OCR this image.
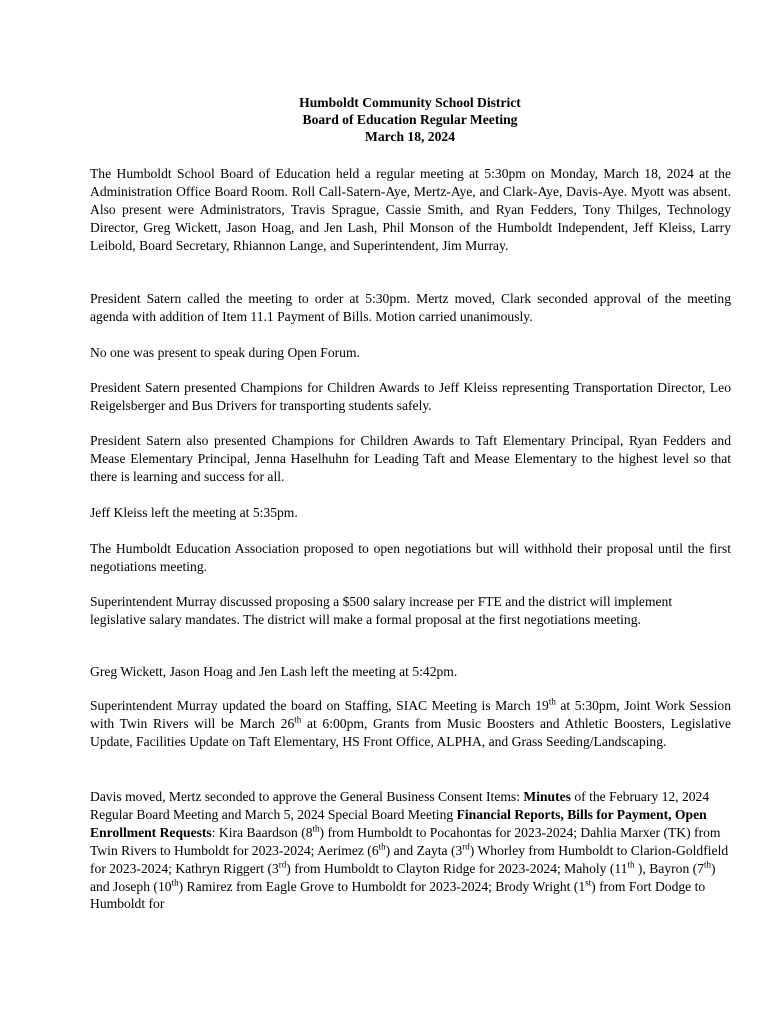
Humboldt Community School District
Board of Education Regular Meeting
March 18, 2024

The Humboldt School Board of Education held a regular meeting at 5:30pm on Monday, March 18, 2024 at the Administration Office Board Room. Roll Call-Satern-Aye, Mertz-Aye, and Clark-Aye, Davis-Aye. Myott was absent. Also present were Administrators, Travis Sprague, Cassie Smith, and Ryan Fedders, Tony Thilges, Technology Director, Greg Wickett, Jason Hoag, and Jen Lash, Phil Monson of the Humboldt Independent, Jeff Kleiss, Larry Leibold, Board Secretary, Rhiannon Lange, and Superintendent, Jim Murray.

President Satern called the meeting to order at 5:30pm. Mertz moved, Clark seconded approval of the meeting agenda with addition of Item 11.1 Payment of Bills. Motion carried unanimously.

No one was present to speak during Open Forum.

President Satern presented Champions for Children Awards to Jeff Kleiss representing Transportation Director, Leo Reigelsberger and Bus Drivers for transporting students safely.

President Satern also presented Champions for Children Awards to Taft Elementary Principal, Ryan Fedders and Mease Elementary Principal, Jenna Haselhuhn for Leading Taft and Mease Elementary to the highest level so that there is learning and success for all.

Jeff Kleiss left the meeting at 5:35pm.

The Humboldt Education Association proposed to open negotiations but will withhold their proposal until the first negotiations meeting.

Superintendent Murray discussed proposing a $500 salary increase per FTE and the district will implement legislative salary mandates. The district will make a formal proposal at the first negotiations meeting.

Greg Wickett, Jason Hoag and Jen Lash left the meeting at 5:42pm.

Superintendent Murray updated the board on Staffing, SIAC Meeting is March 19th at 5:30pm, Joint Work Session with Twin Rivers will be March 26th at 6:00pm, Grants from Music Boosters and Athletic Boosters, Legislative Update, Facilities Update on Taft Elementary, HS Front Office, ALPHA, and Grass Seeding/Landscaping.

Davis moved, Mertz seconded to approve the General Business Consent Items: Minutes of the February 12, 2024 Regular Board Meeting and March 5, 2024 Special Board Meeting Financial Reports, Bills for Payment, Open Enrollment Requests: Kira Baardson (8th) from Humboldt to Pocahontas for 2023-2024; Dahlia Marxer (TK) from Twin Rivers to Humboldt for 2023-2024; Aerimez (6th) and Zayta (3rd) Whorley from Humboldt to Clarion-Goldfield for 2023-2024; Kathryn Riggert (3rd) from Humboldt to Clayton Ridge for 2023-2024; Maholy (11th ), Bayron (7th) and Joseph (10th) Ramirez from Eagle Grove to Humboldt for 2023-2024; Brody Wright (1st) from Fort Dodge to Humboldt for
